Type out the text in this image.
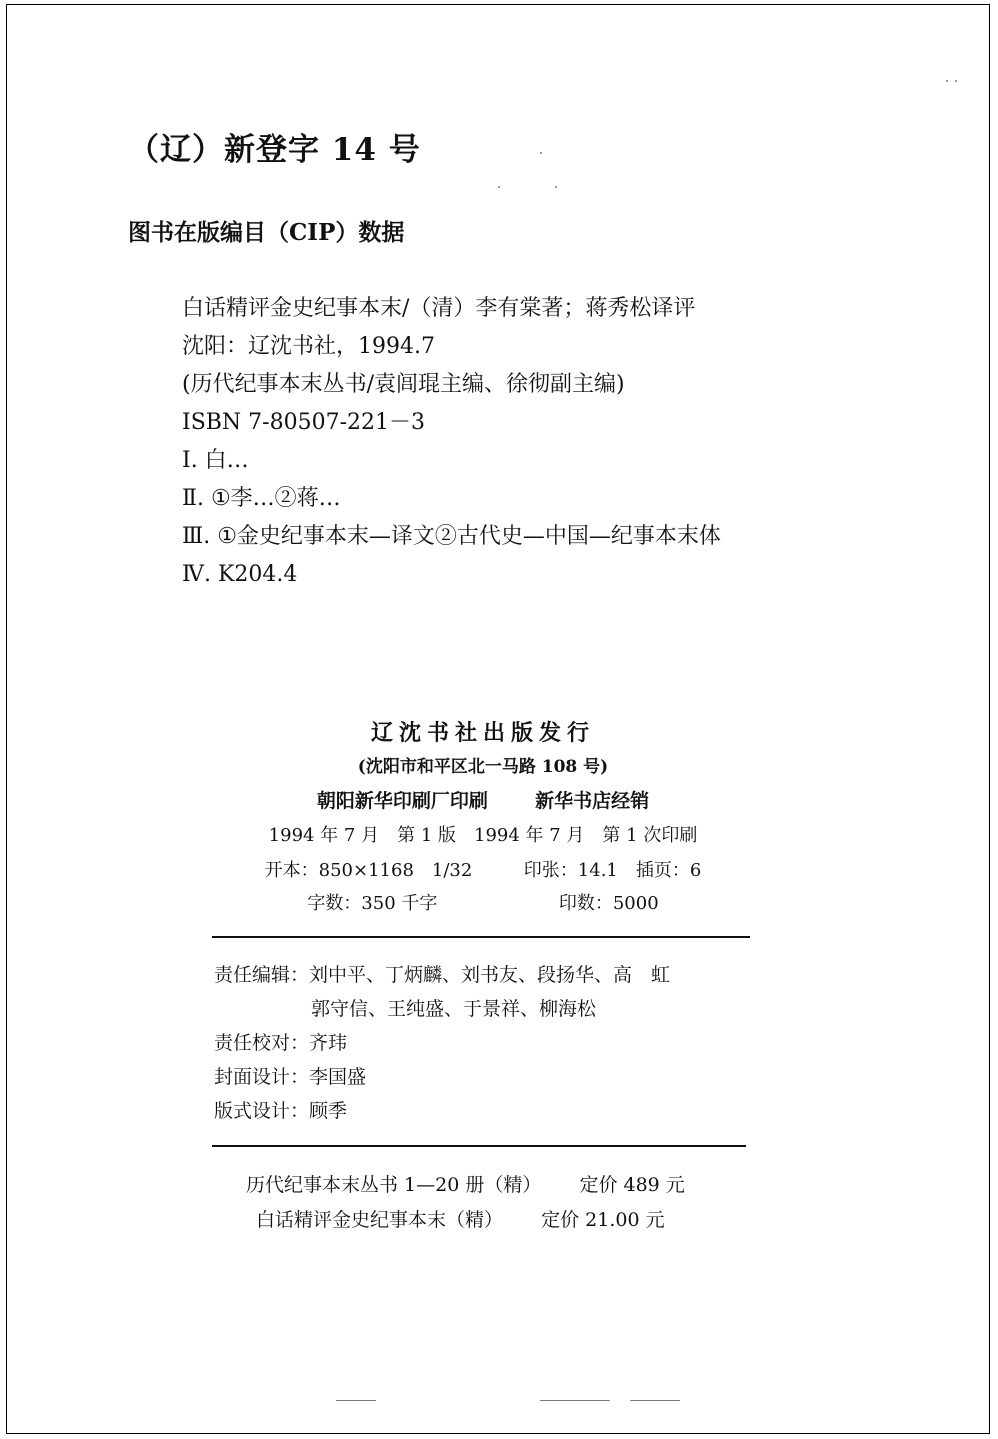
（辽）新登字 14 号
图书在版编目（CIP）数据
白话精评金史纪事本末/（清）李有棠著；蒋秀松译评
沈阳：辽沈书社，1994.7
(历代纪事本末丛书/袁闾琨主编、徐彻副主编)
ISBN 7-80507-221－3
Ⅰ. 白…
Ⅱ. ①李…②蒋…
Ⅲ. ①金史纪事本末—译文②古代史—中国—纪事本末体
Ⅳ. K204.4
辽沈书社出版发行
(沈阳市和平区北一马路 108 号)
朝阳新华印刷厂印刷 新华书店经销
1994 年 7 月　第 1 版　1994 年 7 月　第 1 次印刷
开本：850×1168　1/32	印张：14.1　插页：6
字数：350 千字	印数：5000
责任编辑：刘中平、丁炳麟、刘书友、段扬华、高　虹
郭守信、王纯盛、于景祥、柳海松
责任校对：齐玮
封面设计：李国盛
版式设计：顾季
历代纪事本末丛书 1—20 册（精） 定价 489 元
白话精评金史纪事本末（精） 定价 21.00 元
